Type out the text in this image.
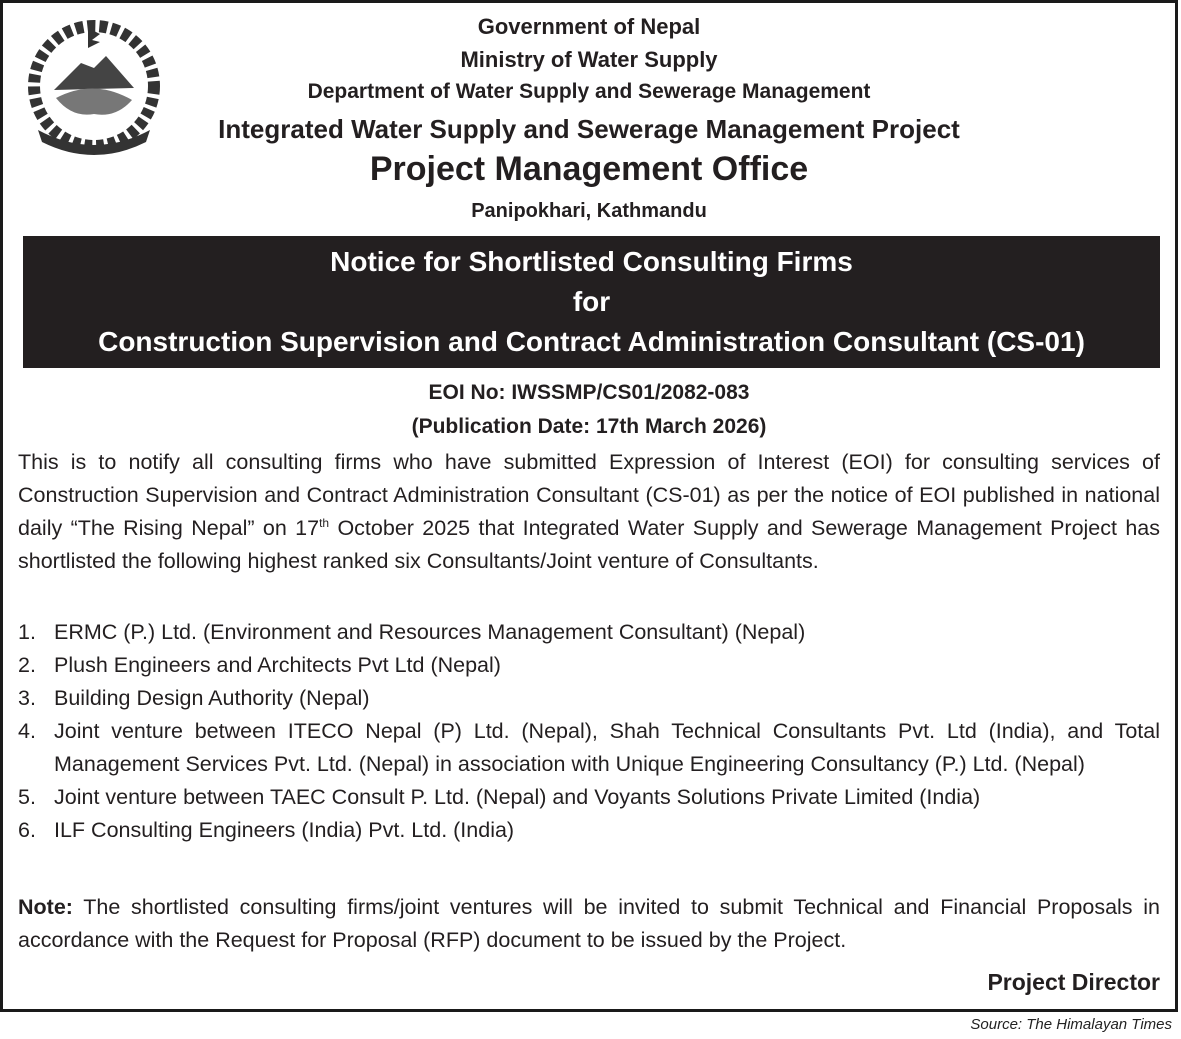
Government of Nepal
Ministry of Water Supply
Department of Water Supply and Sewerage Management
Integrated Water Supply and Sewerage Management Project
Project Management Office
Panipokhari, Kathmandu
Notice for Shortlisted Consulting Firms
for
Construction Supervision and Contract Administration Consultant (CS-01)
EOI No: IWSSMP/CS01/2082-083
(Publication Date: 17th March 2026)
This is to notify all consulting firms who have submitted Expression of Interest (EOI) for consulting services of Construction Supervision and Contract Administration Consultant (CS-01) as per the notice of EOI published in national daily “The Rising Nepal” on 17th October 2025 that Integrated Water Supply and Sewerage Management Project has shortlisted the following highest ranked six Consultants/Joint venture of Consultants.
1. ERMC (P.) Ltd. (Environment and Resources Management Consultant) (Nepal)
2. Plush Engineers and Architects Pvt Ltd (Nepal)
3. Building Design Authority (Nepal)
4. Joint venture between ITECO Nepal (P) Ltd. (Nepal), Shah Technical Consultants Pvt. Ltd (India), and Total Management Services Pvt. Ltd. (Nepal) in association with Unique Engineering Consultancy (P.) Ltd. (Nepal)
5. Joint venture between TAEC Consult P. Ltd. (Nepal) and Voyants Solutions Private Limited (India)
6. ILF Consulting Engineers (India) Pvt. Ltd. (India)
Note: The shortlisted consulting firms/joint ventures will be invited to submit Technical and Financial Proposals in accordance with the Request for Proposal (RFP) document to be issued by the Project.
Project Director
Source: The Himalayan Times
